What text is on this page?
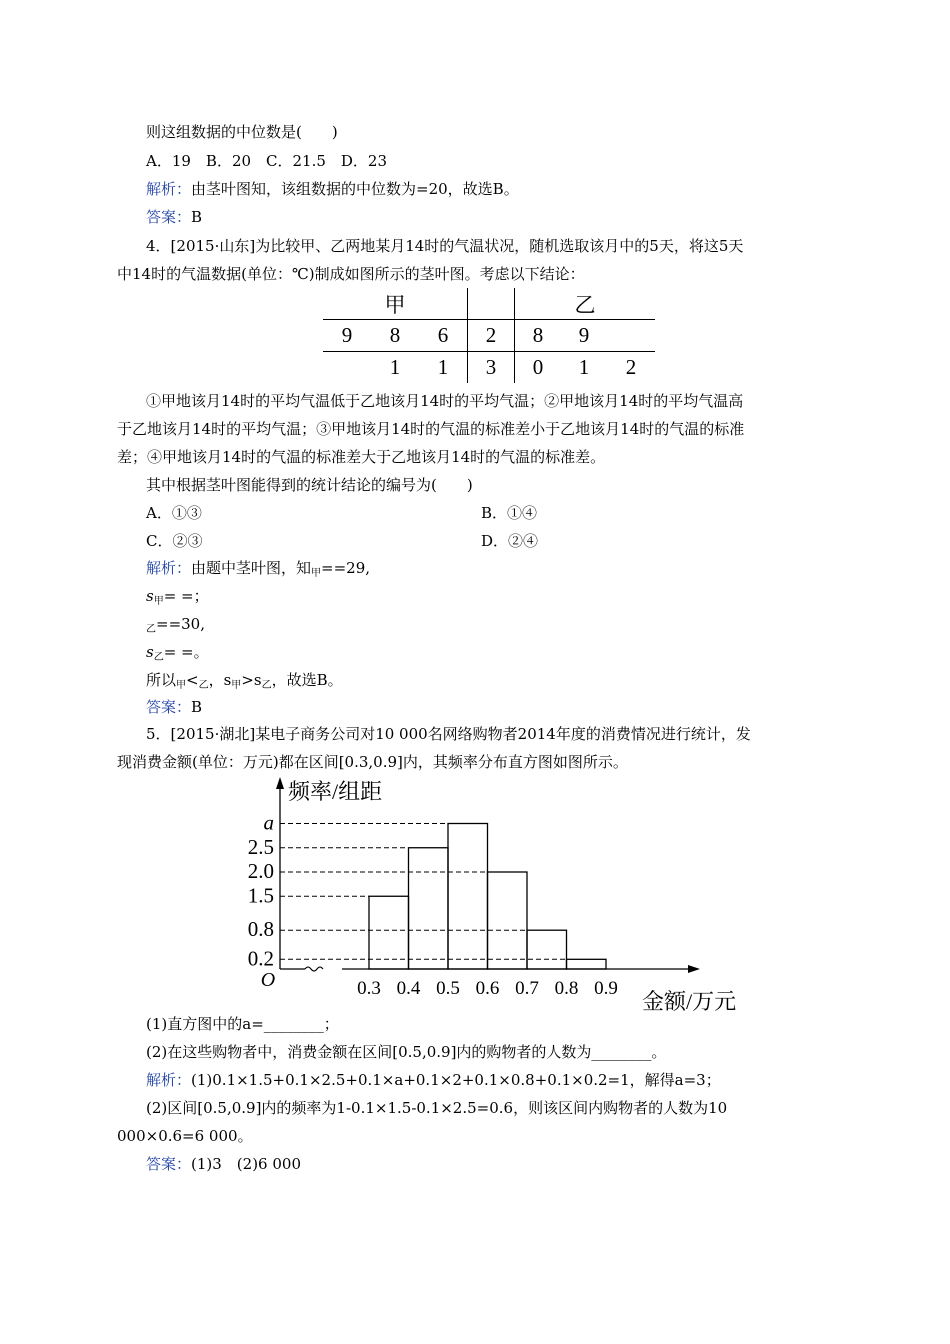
则这组数据的中位数是(　　)
A．19　B．20　C．21.5　D．23
解析：由茎叶图知，该组数据的中位数为=20，故选B。
答案：B
4．[2015·山东]为比较甲、乙两地某月14时的气温状况，随机选取该月中的5天，将这5天
中14时的气温数据(单位：℃)制成如图所示的茎叶图。考虑以下结论：
甲				乙		
9	8	6	2	8	9	
	1	1	3	0	1	2
①甲地该月14时的平均气温低于乙地该月14时的平均气温；②甲地该月14时的平均气温高
于乙地该月14时的平均气温；③甲地该月14时的气温的标准差小于乙地该月14时的气温的标准
差；④甲地该月14时的气温的标准差大于乙地该月14时的气温的标准差。
其中根据茎叶图能得到的统计结论的编号为(　　)
A．①③	B．①④
C．②③	D．②④
解析：由题中茎叶图，知$_甲$==29,
$s_甲=$ =；
$_乙$==30,
$s_乙=$ =。
所以$_甲<_乙$，$s_甲>s_乙$，故选B。
答案：B
5．[2015·湖北]某电子商务公司对10 000名网络购物者2014年度的消费情况进行统计，发
现消费金额(单位：万元)都在区间[0.3,0.9]内，其频率分布直方图如图所示。
0.2
0.8
1.5
2.0
2.5
a
0.3 0.4 0.5 0.6 0.7 0.8 0.9
O
频率/组距
金额/万元
(1)直方图中的a=________；
(2)在这些购物者中，消费金额在区间[0.5,0.9]内的购物者的人数为________。
解析：(1)0.1×1.5+0.1×2.5+0.1×a+0.1×2+0.1×0.8+0.1×0.2=1，解得a=3；
(2)区间[0.5,0.9]内的频率为1-0.1×1.5-0.1×2.5=0.6，则该区间内购物者的人数为10
000×0.6=6 000。
答案：(1)3　(2)6 000
